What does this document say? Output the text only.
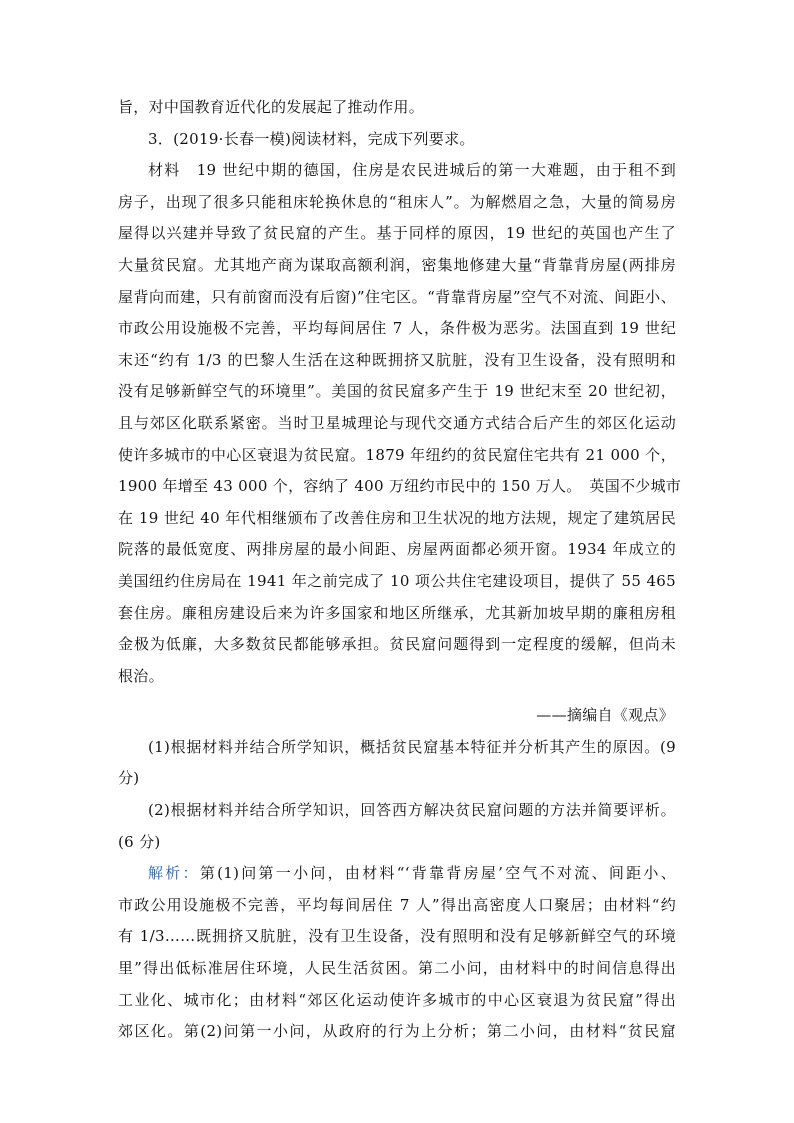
旨，对中国教育近代化的发展起了推动作用。

3．(2019·长春一模)阅读材料，完成下列要求。

材料　19 世纪中期的德国，住房是农民进城后的第一大难题，由于租不到

房子，出现了很多只能租床轮换休息的“租床人”。为解燃眉之急，大量的简易房

屋得以兴建并导致了贫民窟的产生。基于同样的原因，19 世纪的英国也产生了

大量贫民窟。尤其地产商为谋取高额利润，密集地修建大量“背靠背房屋(两排房

屋背向而建，只有前窗而没有后窗)”住宅区。“背靠背房屋”空气不对流、间距小、

市政公用设施极不完善，平均每间居住 7 人，条件极为恶劣。法国直到 19 世纪

末还“约有 1/3 的巴黎人生活在这种既拥挤又肮脏，没有卫生设备，没有照明和

没有足够新鲜空气的环境里”。美国的贫民窟多产生于 19 世纪末至 20 世纪初，

且与郊区化联系紧密。当时卫星城理论与现代交通方式结合后产生的郊区化运动

使许多城市的中心区衰退为贫民窟。1879 年纽约的贫民窟住宅共有 21 000 个，

1900 年增至 43 000 个，容纳了 400 万纽约市民中的 150 万人。　英国不少城市

在 19 世纪 40 年代相继颁布了改善住房和卫生状况的地方法规，规定了建筑居民

院落的最低宽度、两排房屋的最小间距、房屋两面都必须开窗。1934 年成立的

美国纽约住房局在 1941 年之前完成了 10 项公共住宅建设项目，提供了 55 465

套住房。廉租房建设后来为许多国家和地区所继承，尤其新加坡早期的廉租房租

金极为低廉，大多数贫民都能够承担。贫民窟问题得到一定程度的缓解，但尚未

根治。

——摘编自《观点》

(1)根据材料并结合所学知识，概括贫民窟基本特征并分析其产生的原因。(9

分)

(2)根据材料并结合所学知识，回答西方解决贫民窟问题的方法并简要评析。

(6 分)

解析：第(1)问第一小问，由材料“‘背靠背房屋’空气不对流、间距小、

市政公用设施极不完善，平均每间居住 7 人”得出高密度人口聚居；由材料“约

有 1/3……既拥挤又肮脏，没有卫生设备，没有照明和没有足够新鲜空气的环境

里”得出低标准居住环境，人民生活贫困。第二小问，由材料中的时间信息得出

工业化、城市化；由材料“郊区化运动使许多城市的中心区衰退为贫民窟”得出

郊区化。第(2)问第一小问，从政府的行为上分析；第二小问，由材料“贫民窟
